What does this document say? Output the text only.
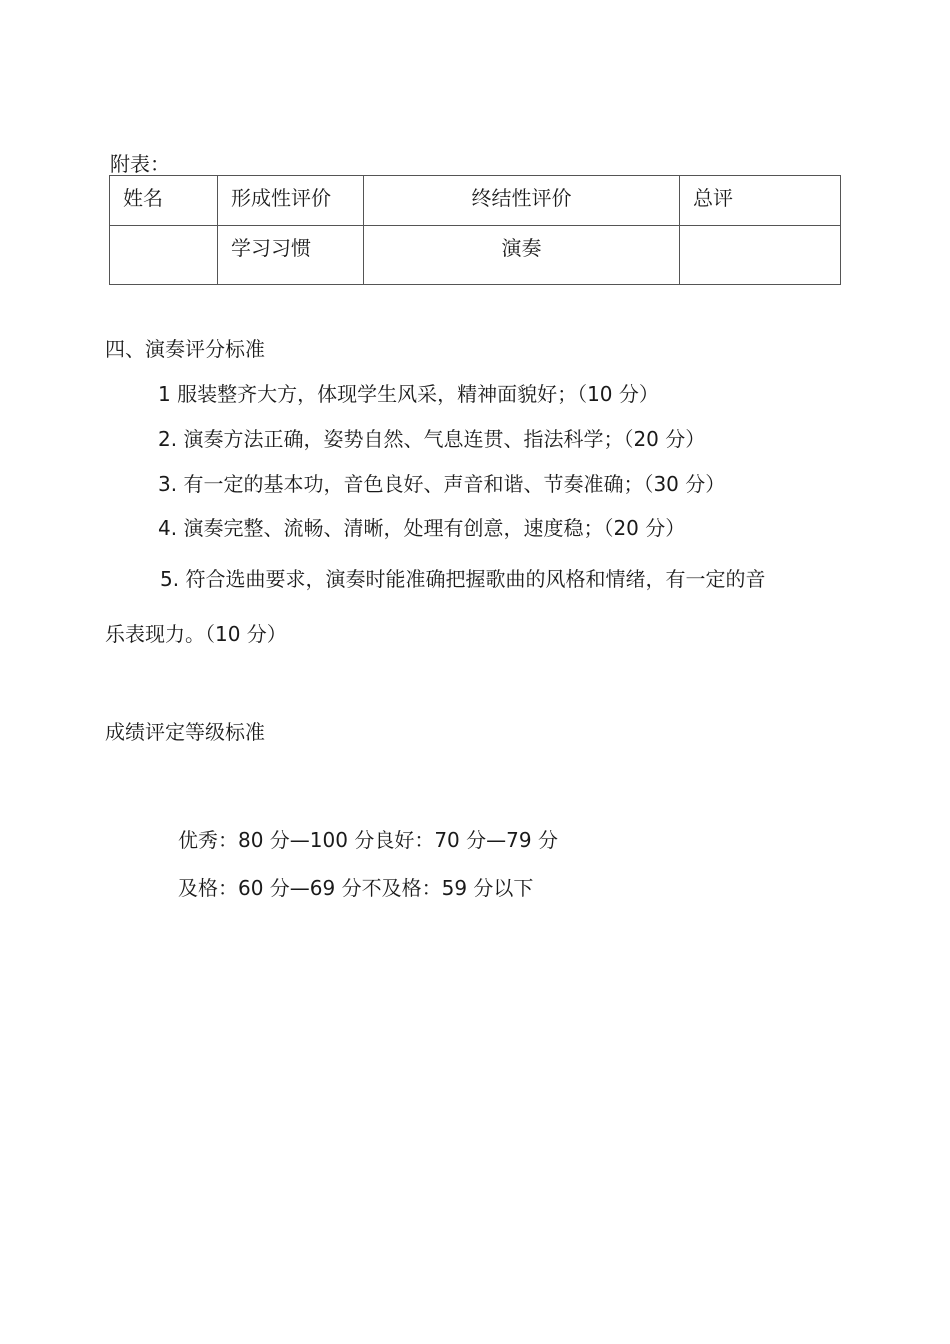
附表：
姓名	形成性评价	终结性评价	总评
	学习习惯	演奏	
四、演奏评分标准
1 服装整齐大方，体现学生风采，精神面貌好；（10 分）
2. 演奏方法正确，姿势自然、气息连贯、指法科学；（20 分）
3. 有一定的基本功，音色良好、声音和谐、节奏准确；（30 分）
4. 演奏完整、流畅、清晰，处理有创意，速度稳；（20 分）
5. 符合选曲要求，演奏时能准确把握歌曲的风格和情绪，有一定的音
乐表现力。（10 分）
成绩评定等级标准
优秀：80 分—100 分良好：70 分—79 分
及格：60 分—69 分不及格：59 分以下
